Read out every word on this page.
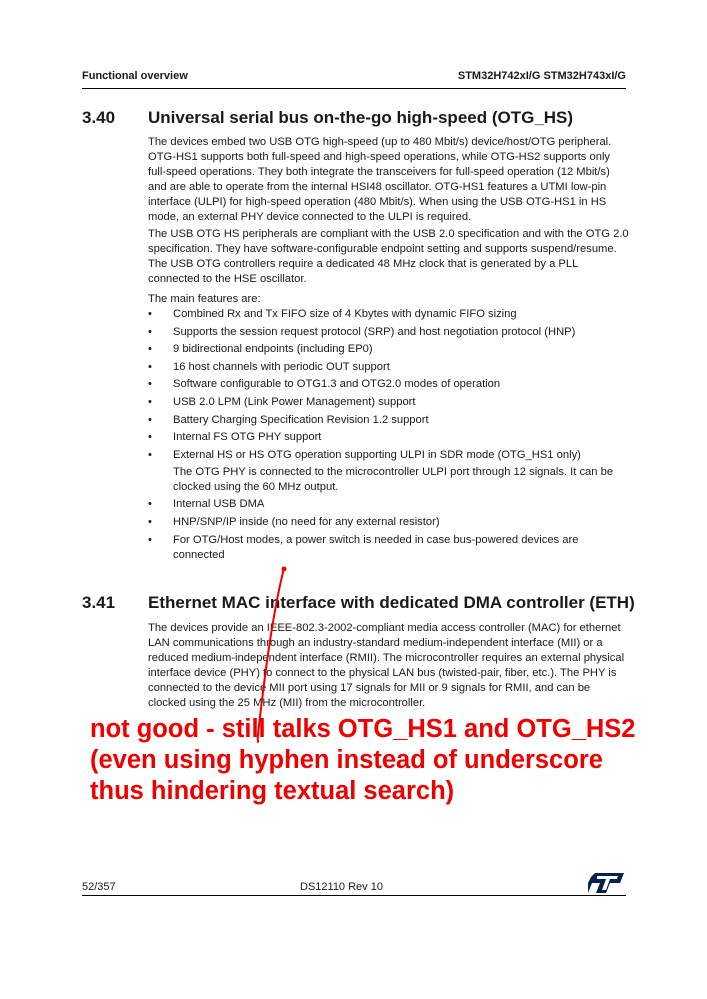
Functional overview	STM32H742xI/G STM32H743xI/G
3.40 Universal serial bus on-the-go high-speed (OTG_HS)

The devices embed two USB OTG high-speed (up to 480 Mbit/s) device/host/OTG peripheral. OTG-HS1 supports both full-speed and high-speed operations, while OTG-HS2 supports only full-speed operations. They both integrate the transceivers for full-speed operation (12 Mbit/s) and are able to operate from the internal HSI48 oscillator. OTG-HS1 features a UTMI low-pin interface (ULPI) for high-speed operation (480 Mbit/s). When using the USB OTG-HS1 in HS mode, an external PHY device connected to the ULPI is required.

The USB OTG HS peripherals are compliant with the USB 2.0 specification and with the OTG 2.0 specification. They have software-configurable endpoint setting and supports suspend/resume. The USB OTG controllers require a dedicated 48 MHz clock that is generated by a PLL connected to the HSE oscillator.

The main features are:

• Combined Rx and Tx FIFO size of 4 Kbytes with dynamic FIFO sizing
• Supports the session request protocol (SRP) and host negotiation protocol (HNP)
• 9 bidirectional endpoints (including EP0)
• 16 host channels with periodic OUT support
• Software configurable to OTG1.3 and OTG2.0 modes of operation
• USB 2.0 LPM (Link Power Management) support
• Battery Charging Specification Revision 1.2 support
• Internal FS OTG PHY support
• External HS or HS OTG operation supporting ULPI in SDR mode (OTG_HS1 only)
The OTG PHY is connected to the microcontroller ULPI port through 12 signals. It can be clocked using the 60 MHz output.
• Internal USB DMA
• HNP/SNP/IP inside (no need for any external resistor)
• For OTG/Host modes, a power switch is needed in case bus-powered devices are connected
3.41 Ethernet MAC interface with dedicated DMA controller (ETH)

The devices provide an IEEE-802.3-2002-compliant media access controller (MAC) for ethernet LAN communications through an industry-standard medium-independent interface (MII) or a reduced medium-independent interface (RMII). The microcontroller requires an external physical interface device (PHY) to connect to the physical LAN bus (twisted-pair, fiber, etc.). The PHY is connected to the device MII port using 17 signals for MII or 9 signals for RMII, and can be clocked using the 25 MHz (MII) from the microcontroller.

not good - still talks OTG_HS1 and OTG_HS2
(even using hyphen instead of underscore
thus hindering textual search)
52/357	DS12110 Rev 10
